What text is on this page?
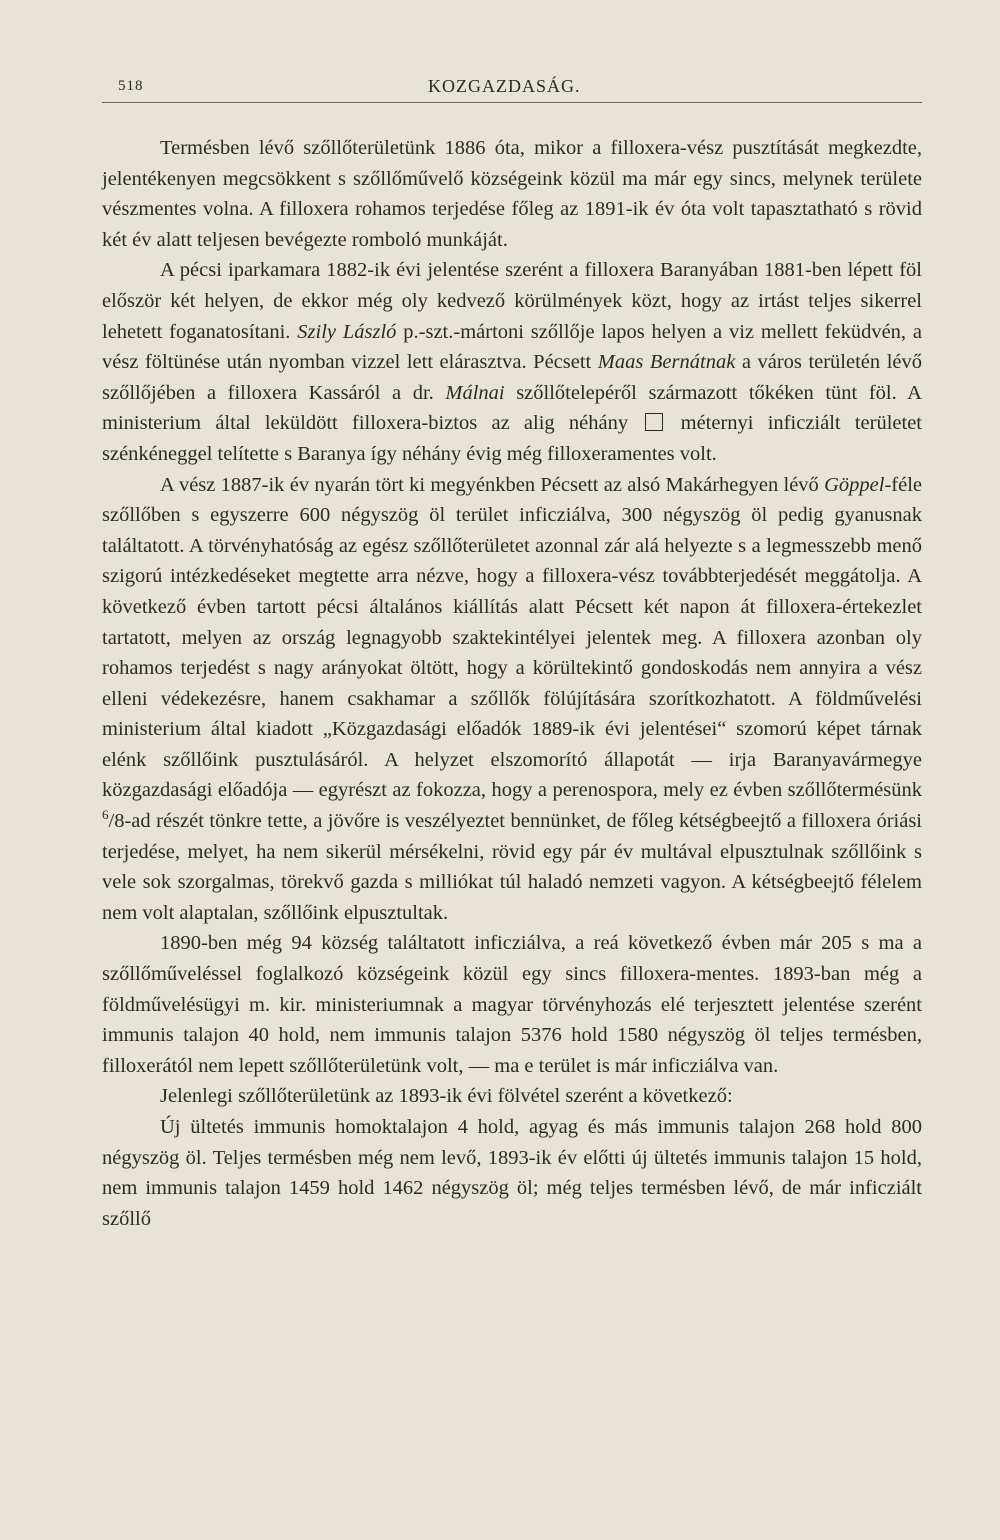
518	KOZGAZDASÁG.

Termésben lévő szőllőterületünk 1886 óta, mikor a filloxera-vész pusztítását megkezdte, jelentékenyen megcsökkent s szőllőművelő községeink közül ma már egy sincs, melynek területe vészmentes volna. A filloxera rohamos terjedése főleg az 1891-ik év óta volt tapasztatható s rövid két év alatt teljesen bevégezte romboló munkáját.

A pécsi iparkamara 1882-ik évi jelentése szerént a filloxera Baranyában 1881-ben lépett föl először két helyen, de ekkor még oly kedvező körülmények közt, hogy az irtást teljes sikerrel lehetett foganatosítani. Szily László p.-szt.-mártoni szőllője lapos helyen a viz mellett feküdvén, a vész föltünése után nyomban vizzel lett elárasztva. Pécsett Maas Bernátnak a város területén lévő szőllőjében a filloxera Kassáról a dr. Málnai szőllőtelepéről származott tőkéken tünt föl. A ministerium által leküldött filloxera-biztos az alig néhány  méternyi inficziált területet szénkéneggel telítette s Baranya így néhány évig még filloxeramentes volt.

A vész 1887-ik év nyarán tört ki megyénkben Pécsett az alsó Makárhegyen lévő Göppel-féle szőllőben s egyszerre 600 négyszög öl terület inficziálva, 300 négyszög öl pedig gyanusnak találtatott. A törvényhatóság az egész szőllőterületet azonnal zár alá helyezte s a legmesszebb menő szigorú intézkedéseket megtette arra nézve, hogy a filloxera-vész továbbterjedését meggátolja. A következő évben tartott pécsi általános kiállítás alatt Pécsett két napon át filloxera-értekezlet tartatott, melyen az ország legnagyobb szaktekintélyei jelentek meg. A filloxera azonban oly rohamos terjedést s nagy arányokat öltött, hogy a körültekintő gondoskodás nem annyira a vész elleni védekezésre, hanem csakhamar a szőllők fölújítására szorítkozhatott. A földművelési ministerium által kiadott „Közgazdasági előadók 1889-ik évi jelentései“ szomorú képet tárnak elénk szőllőink pusztulásáról. A helyzet elszomorító állapotát — irja Baranyavármegye közgazdasági előadója — egyrészt az fokozza, hogy a perenospora, mely ez évben szőllőtermésünk $^6$/8-ad részét tönkre tette, a jövőre is veszélyeztet bennünket, de főleg kétségbeejtő a filloxera óriási terjedése, melyet, ha nem sikerül mérsékelni, rövid egy pár év multával elpusztulnak szőllőink s vele sok szorgalmas, törekvő gazda s milliókat túl haladó nemzeti vagyon. A kétségbeejtő félelem nem volt alaptalan, szőllőink elpusztultak.

1890-ben még 94 község találtatott inficziálva, a reá következő évben már 205 s ma a szőllőműveléssel foglalkozó községeink közül egy sincs filloxera-mentes. 1893-ban még a földművelésügyi m. kir. ministeriumnak a magyar törvényhozás elé terjesztett jelentése szerént immunis talajon 40 hold, nem immunis talajon 5376 hold 1580 négyszög öl teljes termésben, filloxerától nem lepett szőllőterületünk volt, — ma e terület is már inficziálva van.

Jelenlegi szőllőterületünk az 1893-ik évi fölvétel szerént a következő:

Új ültetés immunis homoktalajon 4 hold, agyag és más immunis talajon 268 hold 800 négyszög öl. Teljes termésben még nem levő, 1893-ik év előtti új ültetés immunis talajon 15 hold, nem immunis talajon 1459 hold 1462 négyszög öl; még teljes termésben lévő, de már inficziált szőllő
